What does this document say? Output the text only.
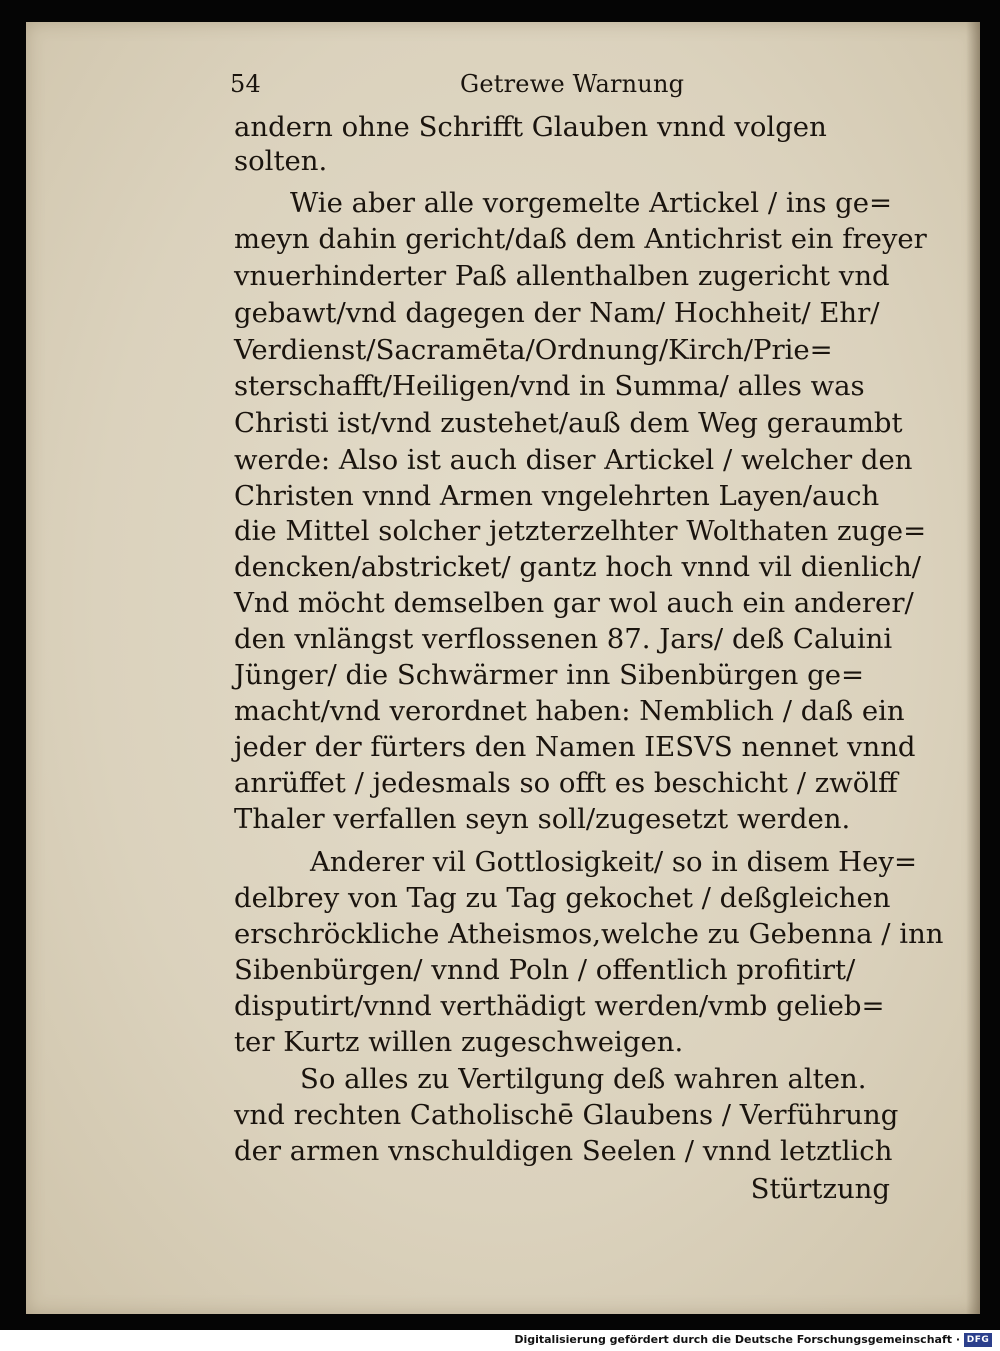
54	Getrewe Warnung
andern ohne Schrifft Glauben vnnd volgen
solten.
Wie aber alle vorgemelte Artickel / ins ge=
meyn dahin gericht/daß dem Antichrist ein freyer
vnuerhinderter Paß allenthalben zugericht vnd
gebawt/vnd dagegen der Nam/ Hochheit/ Ehr/
Verdienst/Sacramēta/Ordnung/Kirch/Prie=
sterschafft/Heiligen/vnd in Summa/ alles was
Christi ist/vnd zustehet/auß dem Weg geraumbt
werde: Also ist auch diser Artickel / welcher den
Christen vnnd Armen vngelehrten Layen/auch
die Mittel solcher jetzterzelhter Wolthaten zuge=
dencken/abstricket/ gantz hoch vnnd vil dienlich/
Vnd möcht demselben gar wol auch ein anderer/
den vnlängst verflossenen 87. Jars/ deß Caluini
Jünger/ die Schwärmer inn Sibenbürgen ge=
macht/vnd verordnet haben: Nemblich / daß ein
jeder der fürters den Namen IESVS nennet vnnd
anrüffet / jedesmals so offt es beschicht / zwölff
Thaler verfallen seyn soll/zugesetzt werden.
Anderer vil Gottlosigkeit/ so in disem Hey=
delbrey von Tag zu Tag gekochet / deßgleichen
erschröckliche Atheismos,welche zu Gebenna / inn
Sibenbürgen/ vnnd Poln / offentlich profitirt/
disputirt/vnnd verthädigt werden/vmb gelieb=
ter Kurtz willen zugeschweigen.
So alles zu Vertilgung deß wahren alten.
vnd rechten Catholischē Glaubens / Verführung
der armen vnschuldigen Seelen / vnnd letztlich
Stürtzung
Digitalisierung gefördert durch die Deutsche Forschungsgemeinschaft · DFG
